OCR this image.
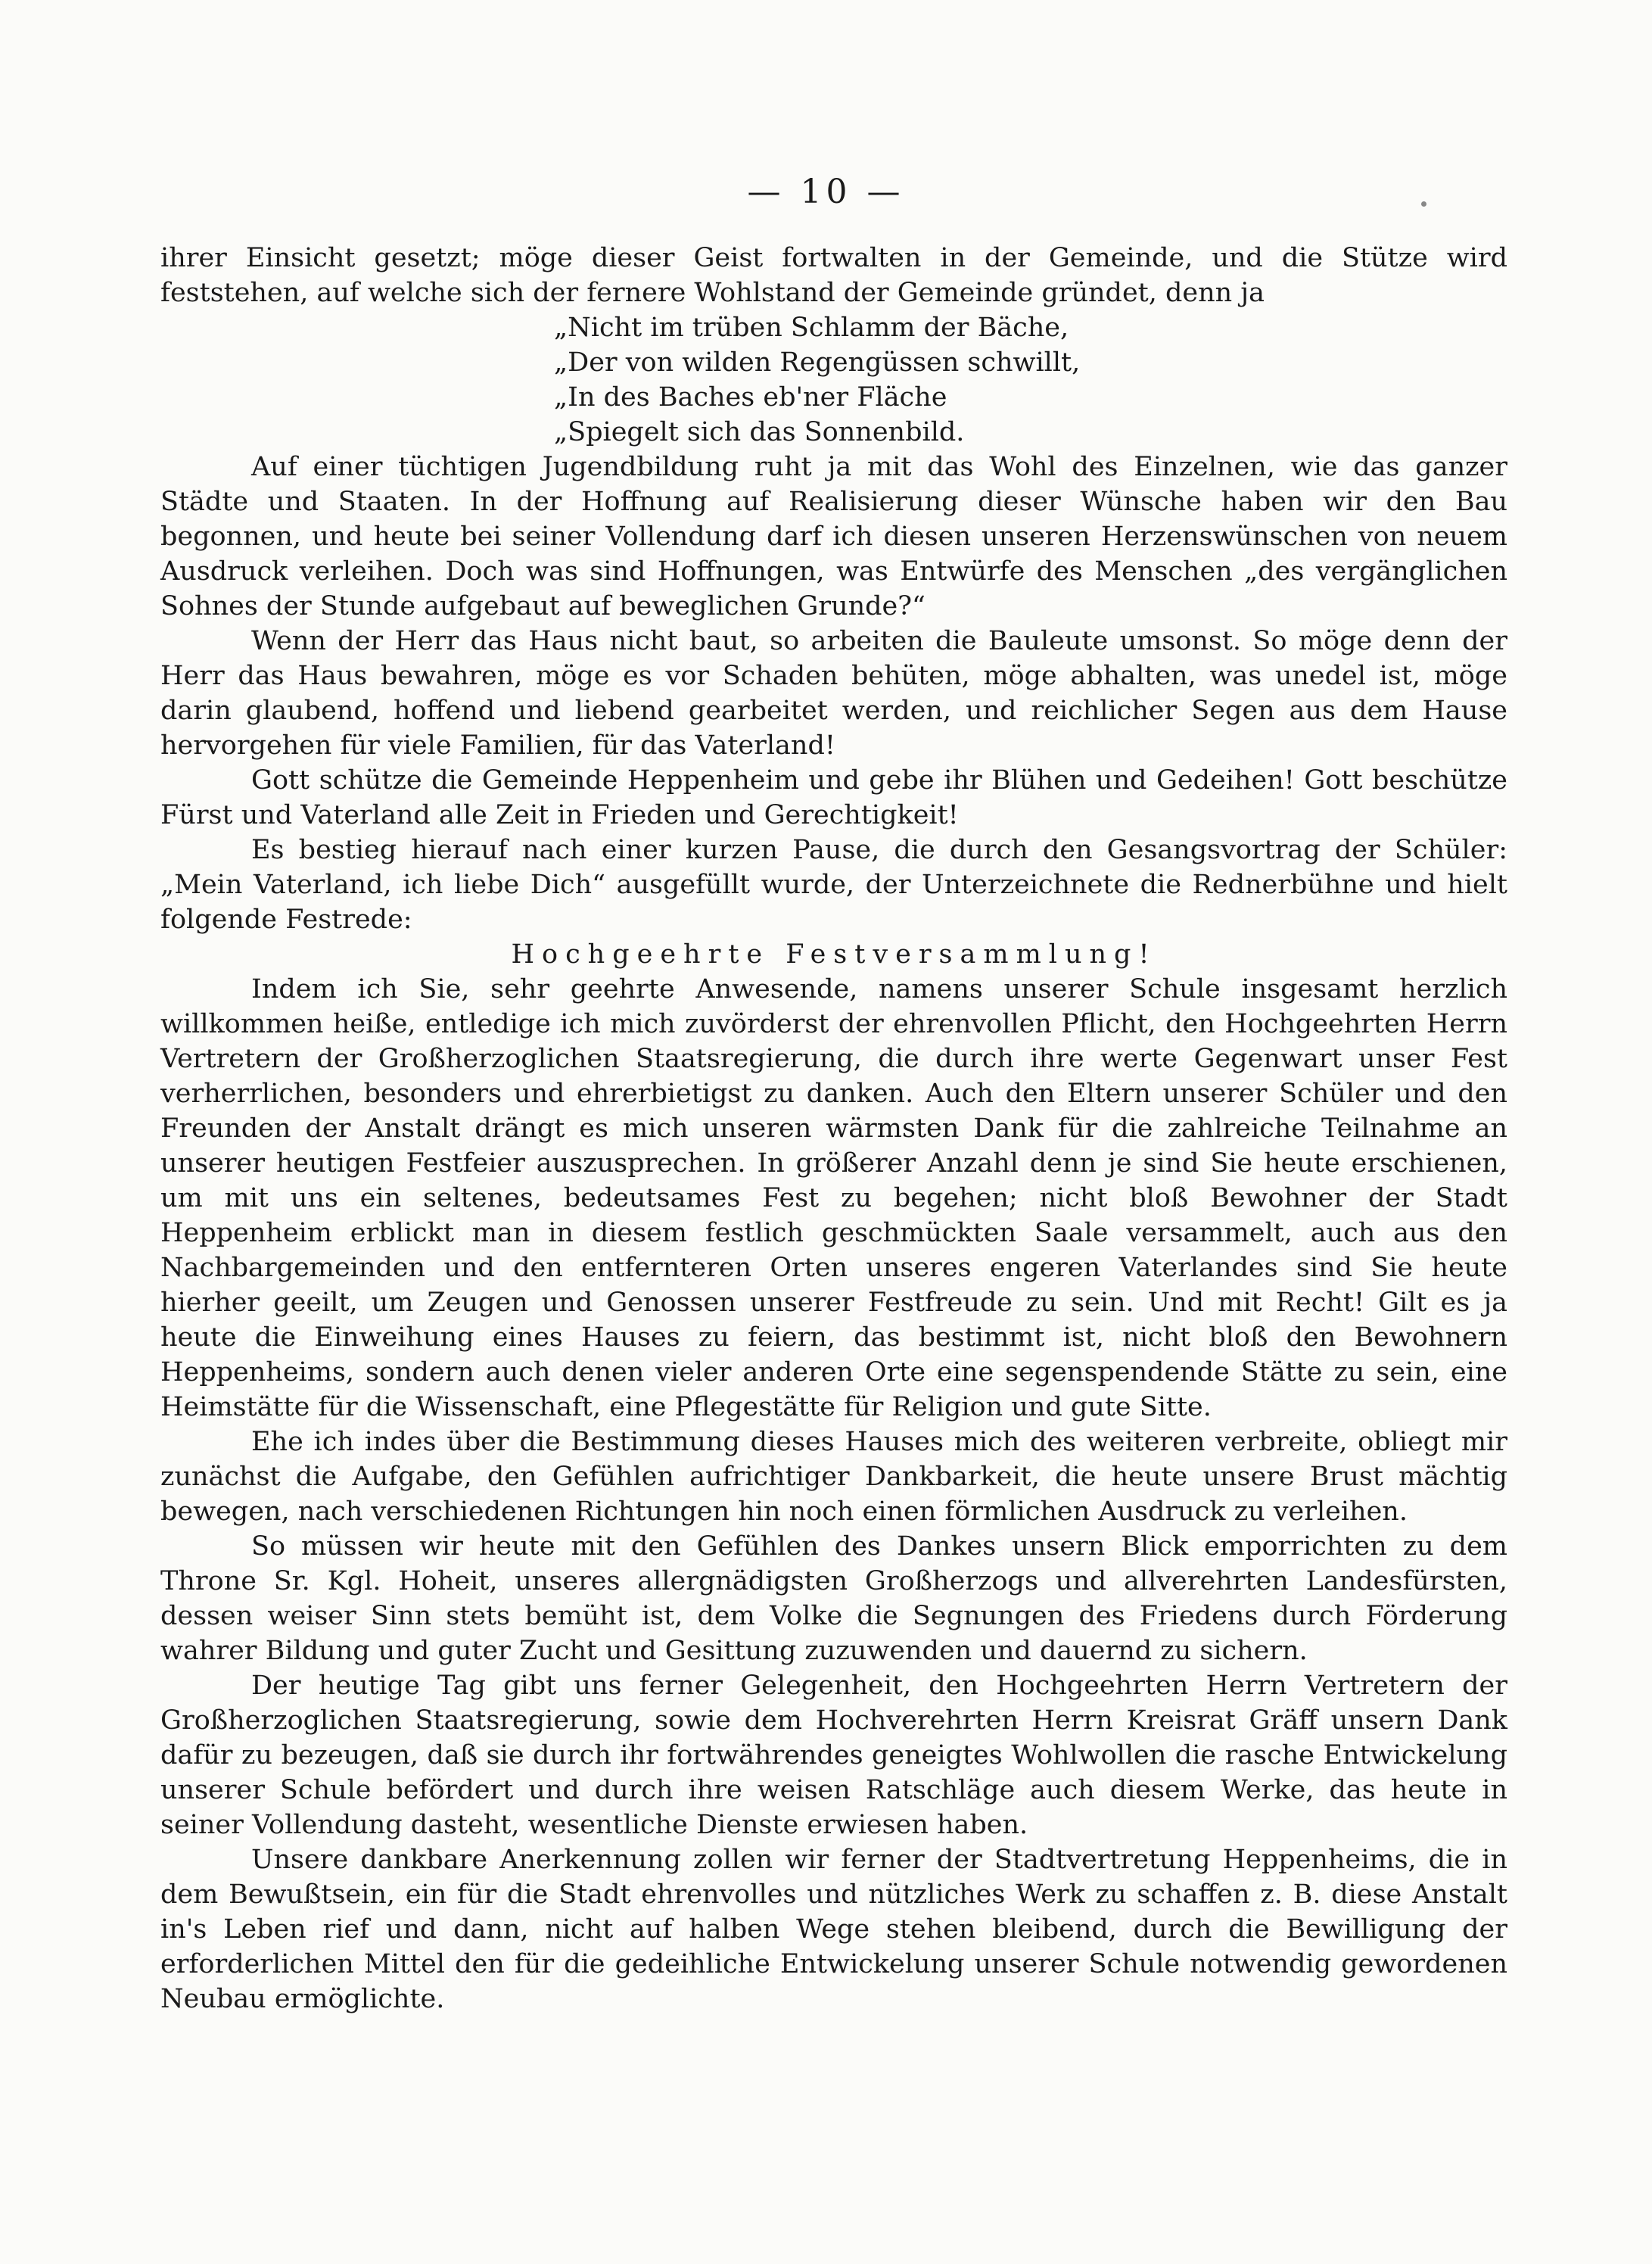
— 10 —

ihrer Einsicht gesetzt; möge dieser Geist fortwalten in der Gemeinde, und die Stütze wird feststehen, auf welche sich der fernere Wohlstand der Gemeinde gründet, denn ja

„Nicht im trüben Schlamm der Bäche,

„Der von wilden Regengüssen schwillt,

„In des Baches eb'ner Fläche

„Spiegelt sich das Sonnenbild.

Auf einer tüchtigen Jugendbildung ruht ja mit das Wohl des Einzelnen, wie das ganzer Städte und Staaten. In der Hoffnung auf Realisierung dieser Wünsche haben wir den Bau begonnen, und heute bei seiner Vollendung darf ich diesen unseren Herzenswünschen von neuem Ausdruck verleihen. Doch was sind Hoffnungen, was Entwürfe des Menschen „des vergänglichen Sohnes der Stunde aufgebaut auf beweglichen Grunde?“

Wenn der Herr das Haus nicht baut, so arbeiten die Bauleute umsonst. So möge denn der Herr das Haus bewahren, möge es vor Schaden behüten, möge abhalten, was unedel ist, möge darin glaubend, hoffend und liebend gearbeitet werden, und reichlicher Segen aus dem Hause hervorgehen für viele Familien, für das Vaterland!

Gott schütze die Gemeinde Heppenheim und gebe ihr Blühen und Gedeihen! Gott beschütze Fürst und Vaterland alle Zeit in Frieden und Gerechtigkeit!

Es bestieg hierauf nach einer kurzen Pause, die durch den Gesangsvortrag der Schüler: „Mein Vaterland, ich liebe Dich“ ausgefüllt wurde, der Unterzeichnete die Rednerbühne und hielt folgende Festrede:

Hochgeehrte Festversammlung!

Indem ich Sie, sehr geehrte Anwesende, namens unserer Schule insgesamt herzlich willkommen heiße, entledige ich mich zuvörderst der ehrenvollen Pflicht, den Hochgeehrten Herrn Vertretern der Großherzoglichen Staatsregierung, die durch ihre werte Gegenwart unser Fest verherrlichen, besonders und ehrerbietigst zu danken. Auch den Eltern unserer Schüler und den Freunden der Anstalt drängt es mich unseren wärmsten Dank für die zahlreiche Teilnahme an unserer heutigen Festfeier auszusprechen. In größerer Anzahl denn je sind Sie heute erschienen, um mit uns ein seltenes, bedeutsames Fest zu begehen; nicht bloß Bewohner der Stadt Heppenheim erblickt man in diesem festlich geschmückten Saale versammelt, auch aus den Nachbargemeinden und den entfernteren Orten unseres engeren Vaterlandes sind Sie heute hierher geeilt, um Zeugen und Genossen unserer Festfreude zu sein. Und mit Recht! Gilt es ja heute die Einweihung eines Hauses zu feiern, das bestimmt ist, nicht bloß den Bewohnern Heppenheims, sondern auch denen vieler anderen Orte eine segenspendende Stätte zu sein, eine Heimstätte für die Wissenschaft, eine Pflegestätte für Religion und gute Sitte.

Ehe ich indes über die Bestimmung dieses Hauses mich des weiteren verbreite, obliegt mir zunächst die Aufgabe, den Gefühlen aufrichtiger Dankbarkeit, die heute unsere Brust mächtig bewegen, nach verschiedenen Richtungen hin noch einen förmlichen Ausdruck zu verleihen.

So müssen wir heute mit den Gefühlen des Dankes unsern Blick emporrichten zu dem Throne Sr. Kgl. Hoheit, unseres allergnädigsten Großherzogs und allverehrten Landesfürsten, dessen weiser Sinn stets bemüht ist, dem Volke die Segnungen des Friedens durch Förderung wahrer Bildung und guter Zucht und Gesittung zuzuwenden und dauernd zu sichern.

Der heutige Tag gibt uns ferner Gelegenheit, den Hochgeehrten Herrn Vertretern der Großherzoglichen Staatsregierung, sowie dem Hochverehrten Herrn Kreisrat Gräff unsern Dank dafür zu bezeugen, daß sie durch ihr fortwährendes geneigtes Wohlwollen die rasche Entwickelung unserer Schule befördert und durch ihre weisen Ratschläge auch diesem Werke, das heute in seiner Vollendung dasteht, wesentliche Dienste erwiesen haben.

Unsere dankbare Anerkennung zollen wir ferner der Stadtvertretung Heppenheims, die in dem Bewußtsein, ein für die Stadt ehrenvolles und nützliches Werk zu schaffen z. B. diese Anstalt in's Leben rief und dann, nicht auf halben Wege stehen bleibend, durch die Bewilligung der erforderlichen Mittel den für die gedeihliche Entwickelung unserer Schule notwendig gewordenen Neubau ermöglichte.
